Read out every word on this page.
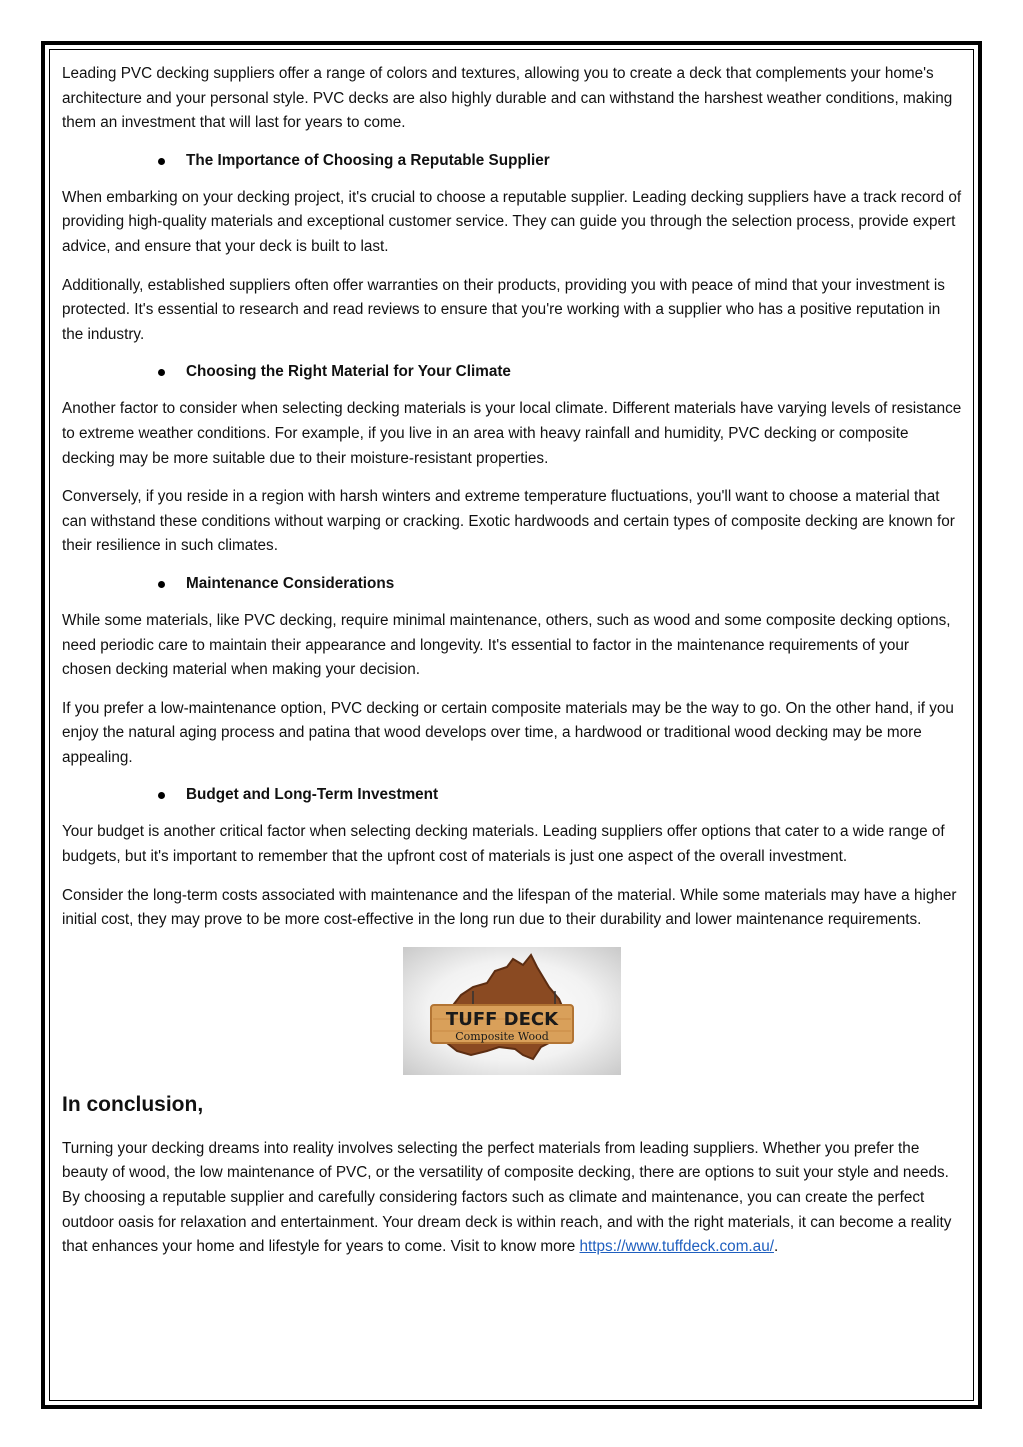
Leading PVC decking suppliers offer a range of colors and textures, allowing you to create a deck that complements your home's architecture and your personal style. PVC decks are also highly durable and can withstand the harshest weather conditions, making them an investment that will last for years to come.

The Importance of Choosing a Reputable Supplier

When embarking on your decking project, it's crucial to choose a reputable supplier. Leading decking suppliers have a track record of providing high-quality materials and exceptional customer service. They can guide you through the selection process, provide expert advice, and ensure that your deck is built to last.

Additionally, established suppliers often offer warranties on their products, providing you with peace of mind that your investment is protected. It's essential to research and read reviews to ensure that you're working with a supplier who has a positive reputation in the industry.

Choosing the Right Material for Your Climate

Another factor to consider when selecting decking materials is your local climate. Different materials have varying levels of resistance to extreme weather conditions. For example, if you live in an area with heavy rainfall and humidity, PVC decking or composite decking may be more suitable due to their moisture-resistant properties.

Conversely, if you reside in a region with harsh winters and extreme temperature fluctuations, you'll want to choose a material that can withstand these conditions without warping or cracking. Exotic hardwoods and certain types of composite decking are known for their resilience in such climates.

Maintenance Considerations

While some materials, like PVC decking, require minimal maintenance, others, such as wood and some composite decking options, need periodic care to maintain their appearance and longevity. It's essential to factor in the maintenance requirements of your chosen decking material when making your decision.

If you prefer a low-maintenance option, PVC decking or certain composite materials may be the way to go. On the other hand, if you enjoy the natural aging process and patina that wood develops over time, a hardwood or traditional wood decking may be more appealing.

Budget and Long-Term Investment

Your budget is another critical factor when selecting decking materials. Leading suppliers offer options that cater to a wide range of budgets, but it's important to remember that the upfront cost of materials is just one aspect of the overall investment.

Consider the long-term costs associated with maintenance and the lifespan of the material. While some materials may have a higher initial cost, they may prove to be more cost-effective in the long run due to their durability and lower maintenance requirements.

TUFF DECK
Composite Wood
In conclusion,

Turning your decking dreams into reality involves selecting the perfect materials from leading suppliers. Whether you prefer the beauty of wood, the low maintenance of PVC, or the versatility of composite decking, there are options to suit your style and needs. By choosing a reputable supplier and carefully considering factors such as climate and maintenance, you can create the perfect outdoor oasis for relaxation and entertainment. Your dream deck is within reach, and with the right materials, it can become a reality that enhances your home and lifestyle for years to come. Visit to know more https://www.tuffdeck.com.au/.
